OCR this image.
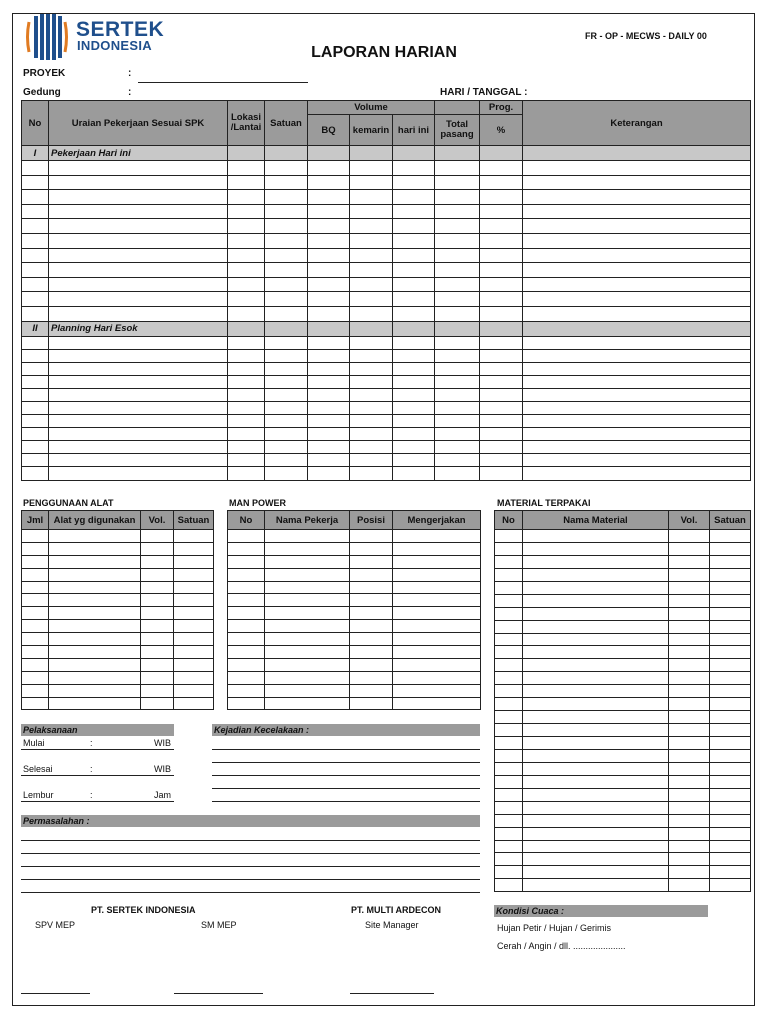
SERTEK
INDONESIA	LAPORAN HARIAN
FR - OP - MECWS - DAILY 00
PROYEK	:
Gedung	:	HARI / TANGGAL :
No	Uraian Pekerjaan Sesuai SPK	Lokasi /Lantai	Satuan	Volume				Prog.	Keterangan
				BQ	kemarin	hari ini	Total pasang	%	
I	Pekerjaan Hari ini								

II	Planning Hari Esok								

PENGGUNAAN ALAT	MAN POWER	MATERIAL TERPAKAI
Jml	Alat yg digunakan	Vol.	Satuan

				No	Nama Pekerja	Posisi	Mengerjakan

				No	Nama Material	Vol.	Satuan

Pelaksanaan
Mulai	:	WIB
Selesai	:	WIB
Lembur	:	Jam
Kejadian Kecelakaan :
Permasalahan :
Kondisi Cuaca :
Hujan Petir / Hujan / Gerimis
Cerah / Angin / dll. .....................
PT. SERTEK INDONESIA
SPV MEP	SM MEP
PT. MULTI ARDECON
Site Manager
